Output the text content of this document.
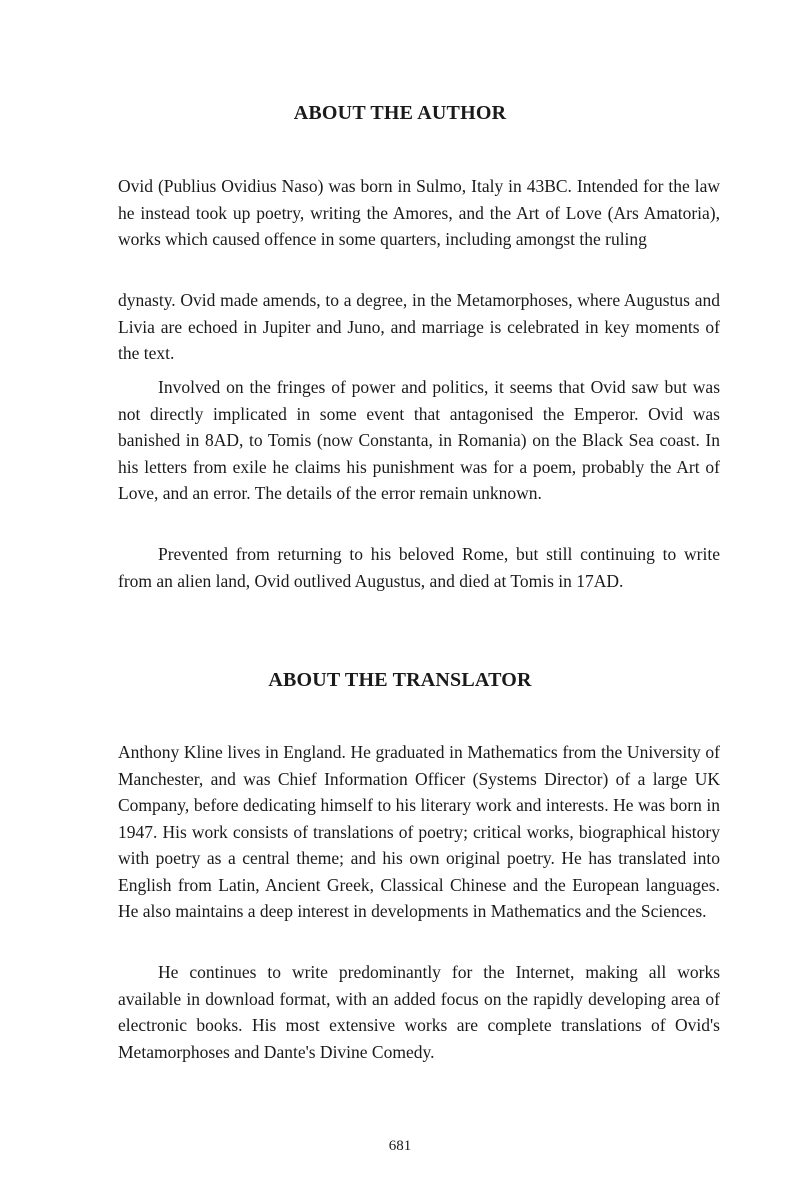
ABOUT THE AUTHOR

Ovid (Publius Ovidius Naso) was born in Sulmo, Italy in 43BC. Intended for the law he instead took up poetry, writing the Amores, and the Art of Love (Ars Amatoria), works which caused offence in some quarters, including amongst the ruling

dynasty. Ovid made amends, to a degree, in the Metamorphoses, where Augustus and Livia are echoed in Jupiter and Juno, and marriage is celebrated in key moments of the text.

Involved on the fringes of power and politics, it seems that Ovid saw but was not directly implicated in some event that antagonised the Emperor. Ovid was banished in 8AD, to Tomis (now Constanta, in Romania) on the Black Sea coast. In his letters from exile he claims his punishment was for a poem, probably the Art of Love, and an error. The details of the error remain unknown.

Prevented from returning to his beloved Rome, but still continuing to write from an alien land, Ovid outlived Augustus, and died at Tomis in 17AD.

ABOUT THE TRANSLATOR

Anthony Kline lives in England. He graduated in Mathematics from the University of Manchester, and was Chief Information Officer (Systems Director) of a large UK Company, before dedicating himself to his literary work and interests. He was born in 1947. His work consists of translations of poetry; critical works, biographical history with poetry as a central theme; and his own original poetry. He has translated into English from Latin, Ancient Greek, Classical Chinese and the European languages. He also maintains a deep interest in developments in Mathematics and the Sciences.

He continues to write predominantly for the Internet, making all works available in download format, with an added focus on the rapidly developing area of electronic books. His most extensive works are complete translations of Ovid's Metamorphoses and Dante's Divine Comedy.

681
